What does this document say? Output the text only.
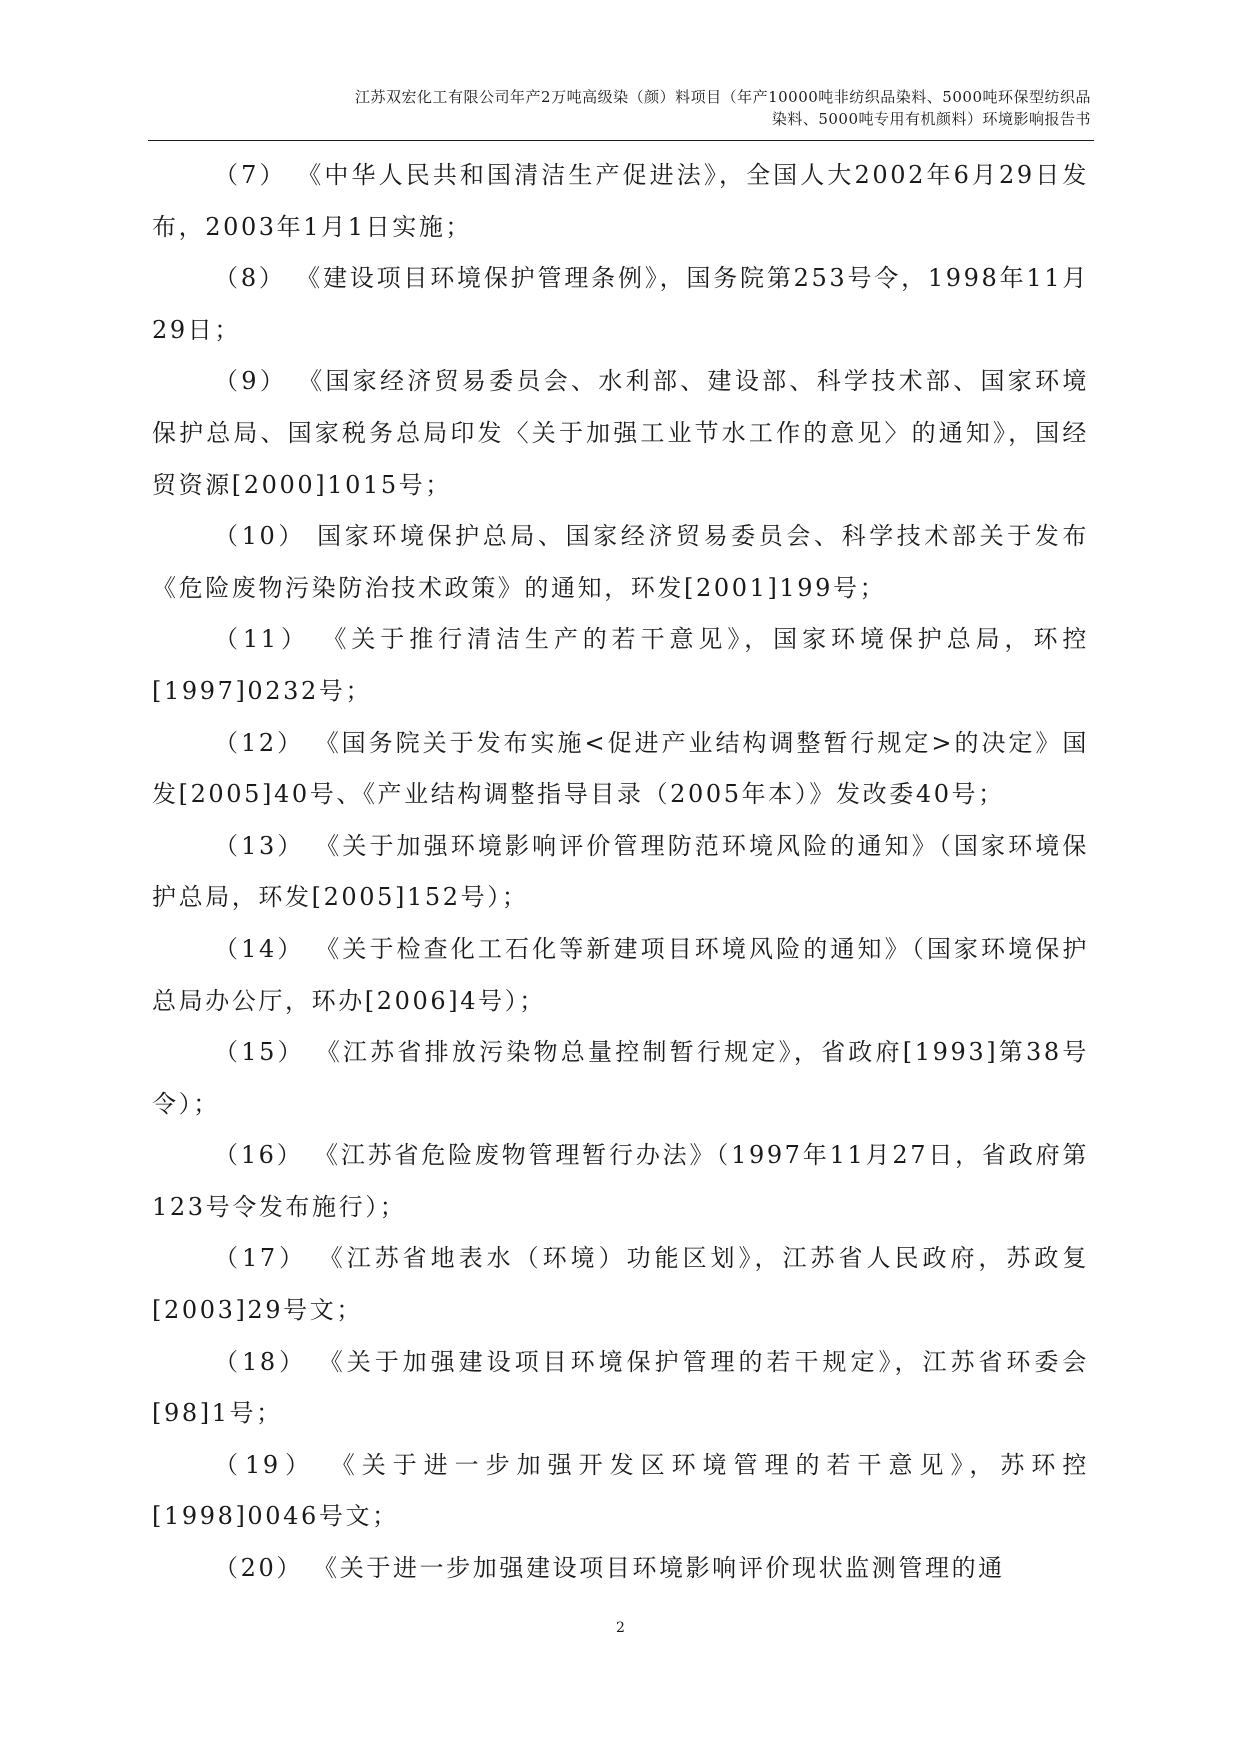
江苏双宏化工有限公司年产2万吨高级染（颜）料项目（年产10000吨非纺织品染料、5000吨环保型纺织品
染料、5000吨专用有机颜料）环境影响报告书

（7） 《中华人民共和国清洁生产促进法》，全国人大2002年6月29日发布，2003年1月1日实施；

（8） 《建设项目环境保护管理条例》，国务院第253号令，1998年11月29日；

（9） 《国家经济贸易委员会、水利部、建设部、科学技术部、国家环境保护总局、国家税务总局印发〈关于加强工业节水工作的意见〉的通知》，国经贸资源[2000]1015号；

（10） 国家环境保护总局、国家经济贸易委员会、科学技术部关于发布《危险废物污染防治技术政策》的通知，环发[2001]199号；

（11） 《关于推行清洁生产的若干意见》，国家环境保护总局，环控[1997]0232号；

（12） 《国务院关于发布实施<促进产业结构调整暂行规定>的决定》国发[2005]40号、《产业结构调整指导目录（2005年本）》发改委40号；

（13） 《关于加强环境影响评价管理防范环境风险的通知》（国家环境保护总局，环发[2005]152号）；

（14） 《关于检查化工石化等新建项目环境风险的通知》（国家环境保护总局办公厅，环办[2006]4号）；

（15） 《江苏省排放污染物总量控制暂行规定》，省政府[1993]第38号令）；

（16） 《江苏省危险废物管理暂行办法》（1997年11月27日，省政府第123号令发布施行）；

（17） 《江苏省地表水（环境）功能区划》，江苏省人民政府，苏政复[2003]29号文；

（18） 《关于加强建设项目环境保护管理的若干规定》，江苏省环委会[98]1号；

（19） 《关于进一步加强开发区环境管理的若干意见》，苏环控[1998]0046号文；

（20） 《关于进一步加强建设项目环境影响评价现状监测管理的通

2
